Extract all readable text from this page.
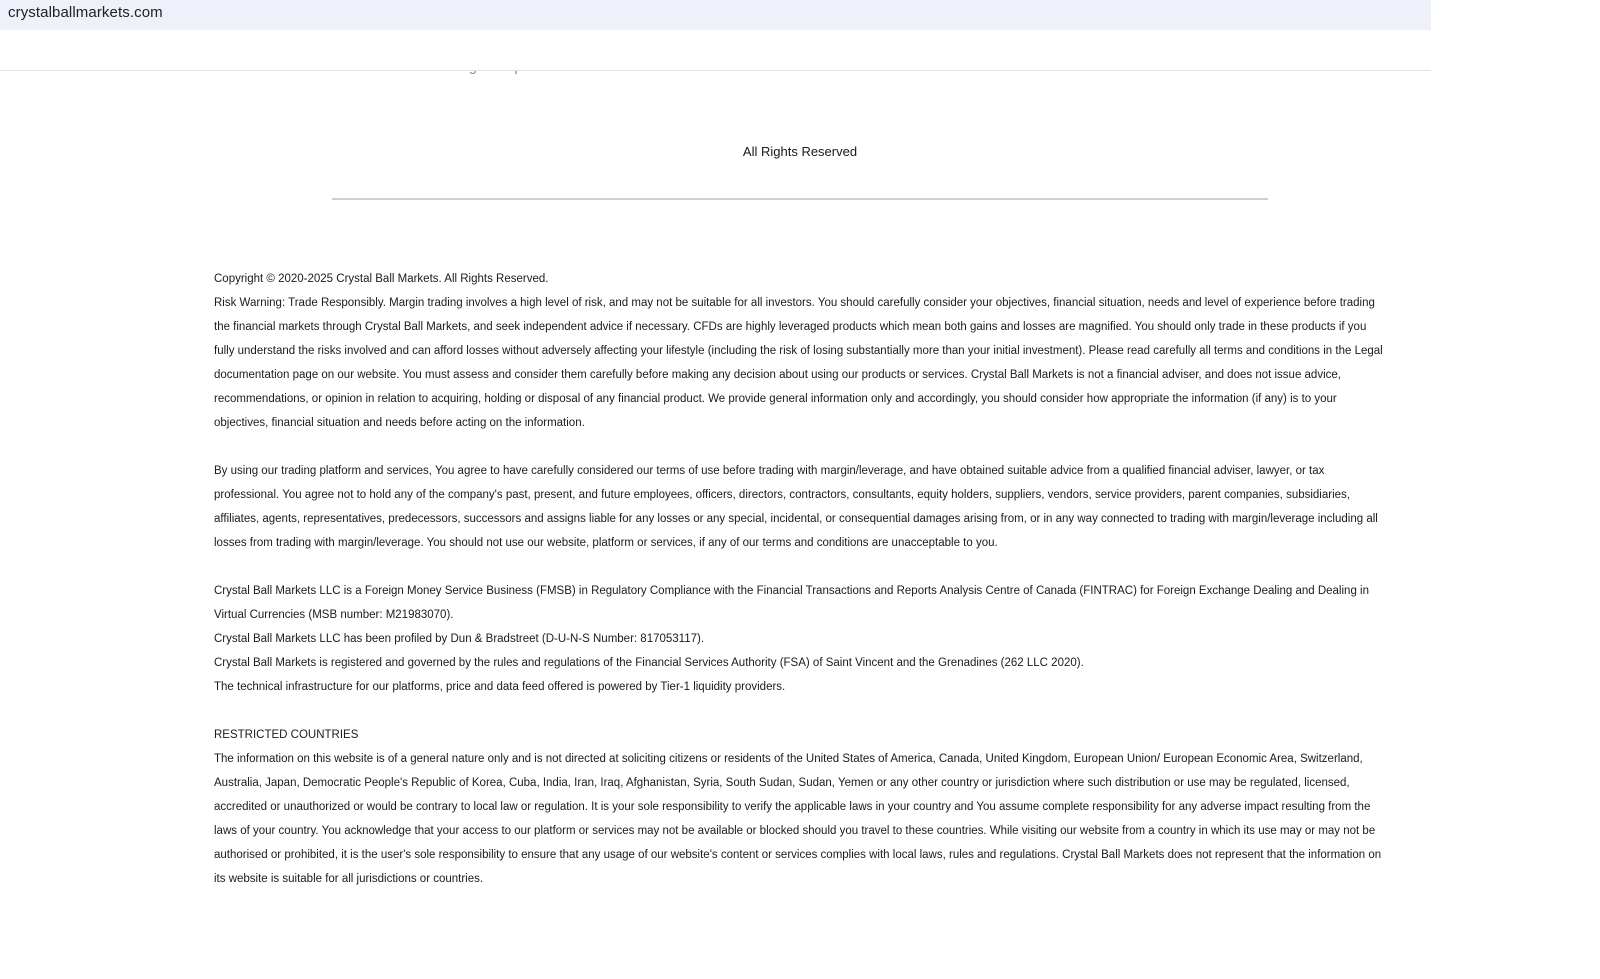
crystalballmarkets.com
All Rights Reserved

Copyright © 2020-2025 Crystal Ball Markets. All Rights Reserved.

Risk Warning: Trade Responsibly. Margin trading involves a high level of risk, and may not be suitable for all investors. You should carefully consider your objectives, financial situation, needs and level of experience before trading the financial markets through Crystal Ball Markets, and seek independent advice if necessary. CFDs are highly leveraged products which mean both gains and losses are magnified. You should only trade in these products if you fully understand the risks involved and can afford losses without adversely affecting your lifestyle (including the risk of losing substantially more than your initial investment). Please read carefully all terms and conditions in the Legal documentation page on our website. You must assess and consider them carefully before making any decision about using our products or services. Crystal Ball Markets is not a financial adviser, and does not issue advice, recommendations, or opinion in relation to acquiring, holding or disposal of any financial product. We provide general information only and accordingly, you should consider how appropriate the information (if any) is to your objectives, financial situation and needs before acting on the information.

By using our trading platform and services, You agree to have carefully considered our terms of use before trading with margin/leverage, and have obtained suitable advice from a qualified financial adviser, lawyer, or tax professional. You agree not to hold any of the company's past, present, and future employees, officers, directors, contractors, consultants, equity holders, suppliers, vendors, service providers, parent companies, subsidiaries, affiliates, agents, representatives, predecessors, successors and assigns liable for any losses or any special, incidental, or consequential damages arising from, or in any way connected to trading with margin/leverage including all losses from trading with margin/leverage. You should not use our website, platform or services, if any of our terms and conditions are unacceptable to you.

Crystal Ball Markets LLC is a Foreign Money Service Business (FMSB) in Regulatory Compliance with the Financial Transactions and Reports Analysis Centre of Canada (FINTRAC) for Foreign Exchange Dealing and Dealing in Virtual Currencies (MSB number: M21983070).

Crystal Ball Markets LLC has been profiled by Dun & Bradstreet (D-U-N-S Number: 817053117).

Crystal Ball Markets is registered and governed by the rules and regulations of the Financial Services Authority (FSA) of Saint Vincent and the Grenadines (262 LLC 2020).

The technical infrastructure for our platforms, price and data feed offered is powered by Tier-1 liquidity providers.

RESTRICTED COUNTRIES

The information on this website is of a general nature only and is not directed at soliciting citizens or residents of the United States of America, Canada, United Kingdom, European Union/ European Economic Area, Switzerland, Australia, Japan, Democratic People's Republic of Korea, Cuba, India, Iran, Iraq, Afghanistan, Syria, South Sudan, Sudan, Yemen or any other country or jurisdiction where such distribution or use may be regulated, licensed, accredited or unauthorized or would be contrary to local law or regulation. It is your sole responsibility to verify the applicable laws in your country and You assume complete responsibility for any adverse impact resulting from the laws of your country. You acknowledge that your access to our platform or services may not be available or blocked should you travel to these countries. While visiting our website from a country in which its use may or may not be authorised or prohibited, it is the user's sole responsibility to ensure that any usage of our website's content or services complies with local laws, rules and regulations. Crystal Ball Markets does not represent that the information on its website is suitable for all jurisdictions or countries.
